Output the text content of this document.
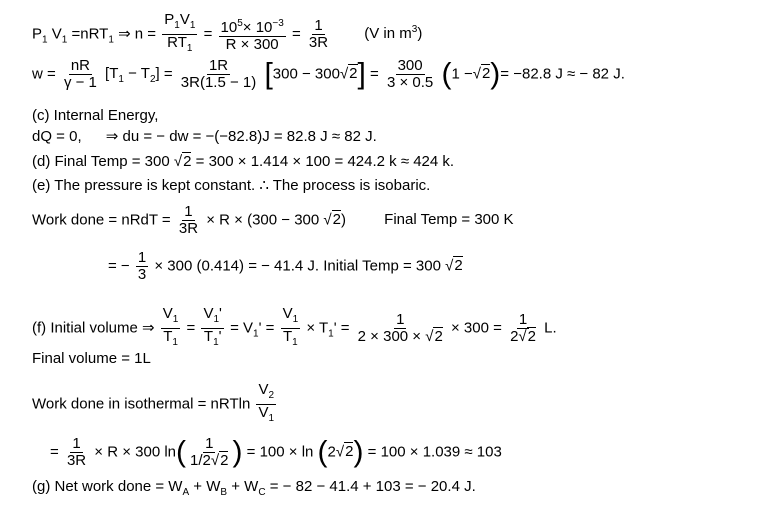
$P_1$ $V_1 =nRT_1$ ⇒ $n = \frac{P_1V_1}{RT_1} = \frac{10^5\times 10^{-3}}{R \times 300} = \frac{1}{3R} (V$ in $m^3$)
$w = \frac{nR}{\gamma - 1} [T_1 - T_2] = \frac{1R}{3R(1.5 - 1)} [300 - 300√2] = \frac{300}{3 \times 0.5} (1 -√2)= -82.8$ J ≈ − 82 J.
(c) Internal Energy,
dQ = 0, ⇒ du = − dw = −(−82.8)J = 82.8 J ≈ 82 J.
(d) Final Temp = 300 √2 = 300 × 1.414 × 100 = 424.2 k ≈ 424 k.
(e) The pressure is kept constant. ∴ The process is isobaric.
Work done = nRdT = $\frac{1}{3R} \times R \times (300 - 300$ √2)	Final Temp = 300 K
= − $\frac{1}{3} \times 300$ (0.414) = − 41.4 J. Initial Temp = 300 √2
(f) Initial volume ⇒ $\frac{V_1}{T_1} = \frac{V_1'}{T_1'} = V_1' = \frac{V_1}{T_1} \times T_1' = \frac{1}{2 \times 300 \times √2} \times 300 = \frac{1}{2√2} L$.
Final volume = 1L
Work done in isothermal = nRTln $\frac{V_2}{V_1}$
= $\frac{1}{3R} \times R \times 300$ $\ln( \frac{1}{1/2√2}$ ) = 100 × ln (2√2) = 100 × 1.039 ≈ 103
(g) Net work done = $W_A + W_B + W_C$ = − 82 − 41.4 + 103 = − 20.4 J.
